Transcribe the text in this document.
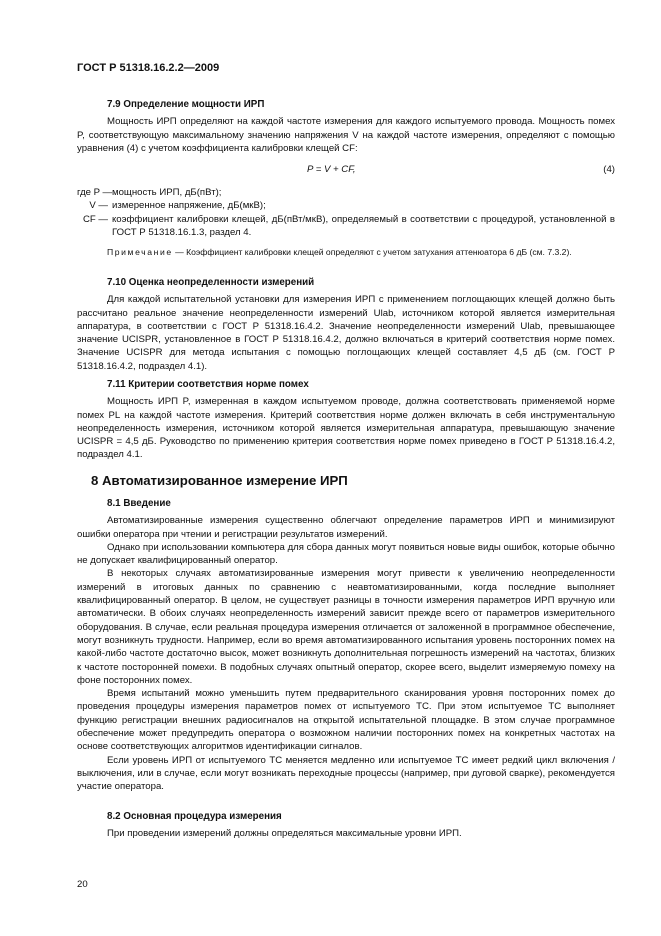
ГОСТ Р 51318.16.2.2—2009
7.9 Определение мощности ИРП

Мощность ИРП определяют на каждой частоте измерения для каждого испытуемого провода. Мощность помех P, соответствующую максимальному значению напряжения V на каждой частоте измерения, определяют с помощью уравнения (4) с учетом коэффициента калибровки клещей CF:

P = V + CF,	(4)
где P — мощность ИРП, дБ(пВт);
V — измеренное напряжение, дБ(мкВ);
CF — коэффициент калибровки клещей, дБ(пВт/мкВ), определяемый в соответствии с процедурой, установленной в ГОСТ Р 51318.16.1.3, раздел 4.

Примечание — Коэффициент калибровки клещей определяют с учетом затухания аттенюатора 6 дБ (см. 7.3.2).

7.10 Оценка неопределенности измерений

Для каждой испытательной установки для измерения ИРП с применением поглощающих клещей должно быть рассчитано реальное значение неопределенности измерений Ulab, источником которой является измерительная аппаратура, в соответствии с ГОСТ Р 51318.16.4.2. Значение неопределенности измерений Ulab, превышающее значение UCISPR, установленное в ГОСТ Р 51318.16.4.2, должно включаться в критерий соответствия норме помех. Значение UCISPR для метода испытания с помощью поглощающих клещей составляет 4,5 дБ (см. ГОСТ Р 51318.16.4.2, подраздел 4.1).

7.11 Критерии соответствия норме помех

Мощность ИРП P, измеренная в каждом испытуемом проводе, должна соответствовать применяемой норме помех PL на каждой частоте измерения. Критерий соответствия норме должен включать в себя инструментальную неопределенность измерения, источником которой является измерительная аппаратура, превышающую значение UCISPR = 4,5 дБ. Руководство по применению критерия соответствия норме помех приведено в ГОСТ Р 51318.16.4.2, подраздел 4.1.

8 Автоматизированное измерение ИРП
8.1 Введение

Автоматизированные измерения существенно облегчают определение параметров ИРП и минимизируют ошибки оператора при чтении и регистрации результатов измерений.

Однако при использовании компьютера для сбора данных могут появиться новые виды ошибок, которые обычно не допускает квалифицированный оператор.

В некоторых случаях автоматизированные измерения могут привести к увеличению неопределенности измерений в итоговых данных по сравнению с неавтоматизированными, когда последние выполняет квалифицированный оператор. В целом, не существует разницы в точности измерения параметров ИРП вручную или автоматически. В обоих случаях неопределенность измерений зависит прежде всего от параметров измерительного оборудования. В случае, если реальная процедура измерения отличается от заложенной в программное обеспечение, могут возникнуть трудности. Например, если во время автоматизированного испытания уровень посторонних помех на какой-либо частоте достаточно высок, может возникнуть дополнительная погрешность измерений на частотах, близких к частоте посторонней помехи. В подобных случаях опытный оператор, скорее всего, выделит измеряемую помеху на фоне посторонних помех.

Время испытаний можно уменьшить путем предварительного сканирования уровня посторонних помех до проведения процедуры измерения параметров помех от испытуемого ТС. При этом испытуемое ТС выполняет функцию регистрации внешних радиосигналов на открытой испытательной площадке. В этом случае программное обеспечение может предупредить оператора о возможном наличии посторонних помех на конкретных частотах на основе соответствующих алгоритмов идентификации сигналов.

Если уровень ИРП от испытуемого ТС меняется медленно или испытуемое ТС имеет редкий цикл включения / выключения, или в случае, если могут возникать переходные процессы (например, при дуговой сварке), рекомендуется участие оператора.

8.2 Основная процедура измерения

При проведении измерений должны определяться максимальные уровни ИРП.

20
